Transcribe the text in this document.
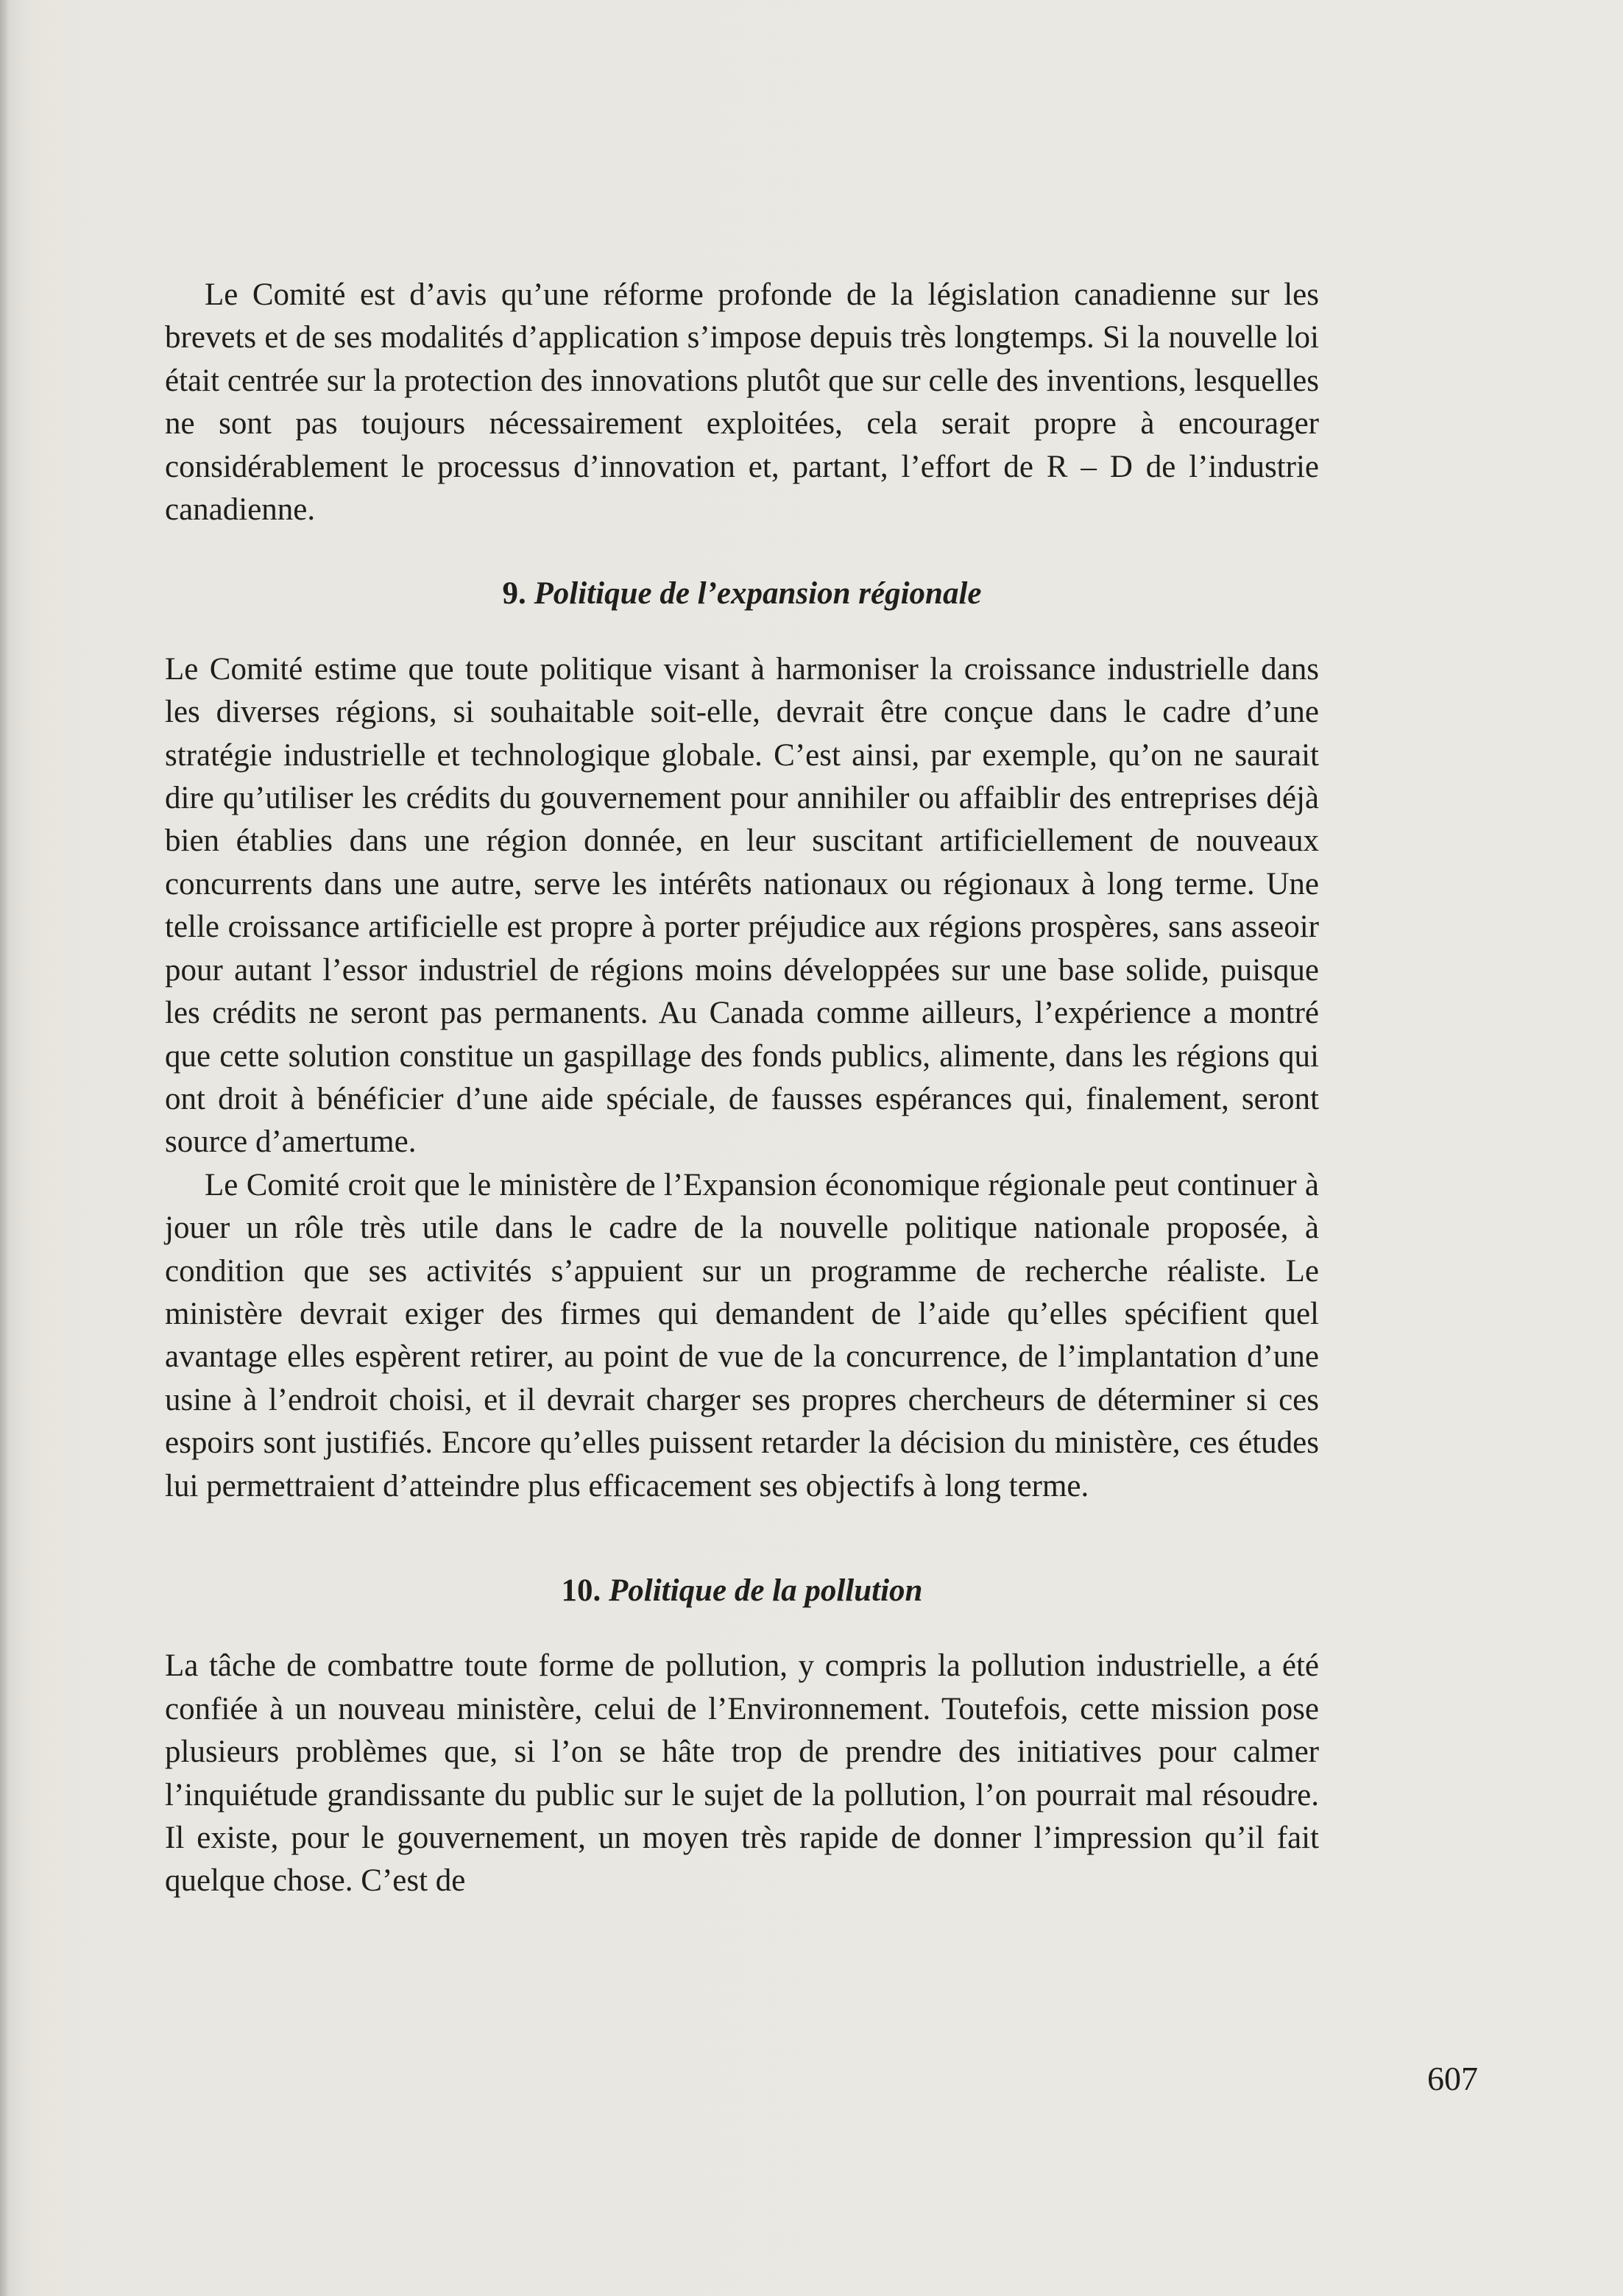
Le Comité est d’avis qu’une réforme profonde de la législation canadienne sur les brevets et de ses modalités d’application s’impose depuis très longtemps. Si la nouvelle loi était centrée sur la protection des innovations plutôt que sur celle des inventions, lesquelles ne sont pas toujours nécessairement exploitées, cela serait propre à encourager considérablement le processus d’innovation et, partant, l’effort de R – D de l’industrie canadienne.

9. Politique de l’expansion régionale

Le Comité estime que toute politique visant à harmoniser la croissance industrielle dans les diverses régions, si souhaitable soit-elle, devrait être conçue dans le cadre d’une stratégie industrielle et technologique globale. C’est ainsi, par exemple, qu’on ne saurait dire qu’utiliser les crédits du gouvernement pour annihiler ou affaiblir des entreprises déjà bien établies dans une région donnée, en leur suscitant artificiellement de nouveaux concurrents dans une autre, serve les intérêts nationaux ou régionaux à long terme. Une telle croissance artificielle est propre à porter préjudice aux régions prospères, sans asseoir pour autant l’essor industriel de régions moins développées sur une base solide, puisque les crédits ne seront pas permanents. Au Canada comme ailleurs, l’expérience a montré que cette solution constitue un gaspillage des fonds publics, alimente, dans les régions qui ont droit à bénéficier d’une aide spéciale, de fausses espérances qui, finalement, seront source d’amertume.

Le Comité croit que le ministère de l’Expansion économique régionale peut continuer à jouer un rôle très utile dans le cadre de la nouvelle politique nationale proposée, à condition que ses activités s’appuient sur un programme de recherche réaliste. Le ministère devrait exiger des firmes qui demandent de l’aide qu’elles spécifient quel avantage elles espèrent retirer, au point de vue de la concurrence, de l’implantation d’une usine à l’endroit choisi, et il devrait charger ses propres chercheurs de déterminer si ces espoirs sont justifiés. Encore qu’elles puissent retarder la décision du ministère, ces études lui permettraient d’atteindre plus efficacement ses objectifs à long terme.

10. Politique de la pollution

La tâche de combattre toute forme de pollution, y compris la pollution industrielle, a été confiée à un nouveau ministère, celui de l’Environnement. Toutefois, cette mission pose plusieurs problèmes que, si l’on se hâte trop de prendre des initiatives pour calmer l’inquiétude grandissante du public sur le sujet de la pollution, l’on pourrait mal résoudre. Il existe, pour le gouvernement, un moyen très rapide de donner l’impression qu’il fait quelque chose. C’est de

607
